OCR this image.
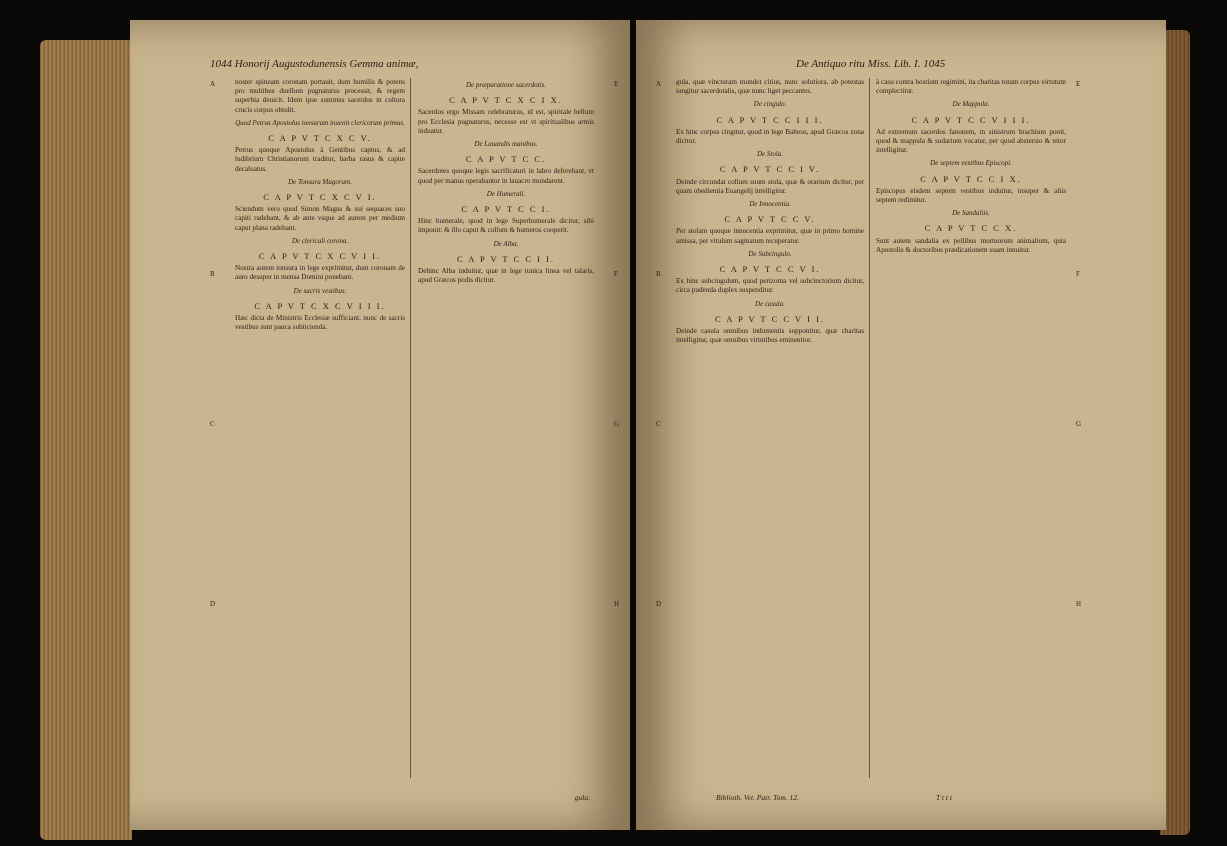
1044 Honorij Augustodunensis Gemma animæ,
A
B
C
D

noster spineam coronam portauit, dum humilis & potens pro multibus duellum pugnaturus processit, & regem superbia deuicit. Idem ipse summus sacerdos in cultura crucis corpus obtulit.

Quod Petrus Apostolus tonsuram inuenit clericorum primus.
C A P V T C X C V.

Petrus quoque Apostolus à Gentibus captus, & ad ludibrium Christianorum traditur, barba rasus & capite decaluatus.

De Tonsura Magorum.
C A P V T C X C V I.

Sciendum vero quod Simon Magus & sui sequaces suo capiti radebant, & ab ante vsque ad aurem per medium caput plana radebant.

De clericali corona.
C A P V T C X C V I I.

Nostra autem tonsura in lege exprimitur, dum coronam de auro desuper in mensa Domini ponebant.

De sacris vestibus.
C A P V T C X C V I I I.

Hæc dicta de Ministris Ecclesiæ sufficiant, nunc de sacris vestibus sunt pauca subiicienda.

De præparatione sacerdotis.
C A P V T C X C I X.

Sacerdos ergo Missam celebraturus, id est, spiritale bellum pro Ecclesia pugnaturus, necesse est vt spiritualibus armis induatur.

De Lauandis manibus.
C A P V T C C.

Sacerdotes quoque legis sacrificaturi in labro deferebant, vt quod per manus operabantur in lauacro mundarent.

De Humerali.
C A P V T C C I.

Hinc humerale, quod in lege Superhumerale dicitur, sibi imponit: & illo caput & collum & humeros cooperit.

De Alba.
C A P V T C C I I.

Dehinc Alba induitur, quæ in lege tunica linea vel talaris, apud Græcos podis dicitur.

E
F
G
H
gula,
De Antiquo ritu Miss. Lib. I. 1045
A
B
C
D

gula, quæ vincturam mundet citius, nunc solutiora, ab potestas iungitur sacerdotalis, quæ nunc liget peccantes.

De cingulo.
C A P V T C C I I I.

Ex hinc corpus cingitur, quod in lege Balteus, apud Græcos zona dicitur.

De Stola.
C A P V T C C I V.

Deinde circundat collum suum stola, quæ & orarium dicitur, per quam obedientia Euangelij intelligitur.

De Innocentia.
C A P V T C C V.

Per stolam quoque innocentia exprimitur, quæ in primo homine amissa, per vitulum saginatum recuperatur.

De Subcingulo.
C A P V T C C V I.

Ex hinc subcingulum, quod perizoma vel subcinctorium dicitur, circa pudenda duplex suspenditur.

De casula.
C A P V T C C V I I.

Deinde casula omnibus indumentis supponitur, quæ charitas intelligitur, quæ omnibus virtutibus eminentior.

à casu contra hostium regimini, ita charitas totum corpus virtutum complectitur.

De Mappula.
C A P V T C C V I I I.

Ad extremum sacerdos fanonem, in sinistrum brachium ponit, quod & mappula & sudarium vocatur, per quod abstersio & nitor intelligitur.

De septem vestibus Episcopi.
C A P V T C C I X.

Episcopus eisdem septem vestibus induitur, insuper & aliis septem redimitur.

De Sandaliis.
C A P V T C C X.

Sunt autem sandalia ex pellibus mortuorum animalium, quia Apostolis & doctoribus prædicationem suam innuitur.

E
F
G
H
Biblioth. Vet. Patr. Tom. 12.	T t t t
